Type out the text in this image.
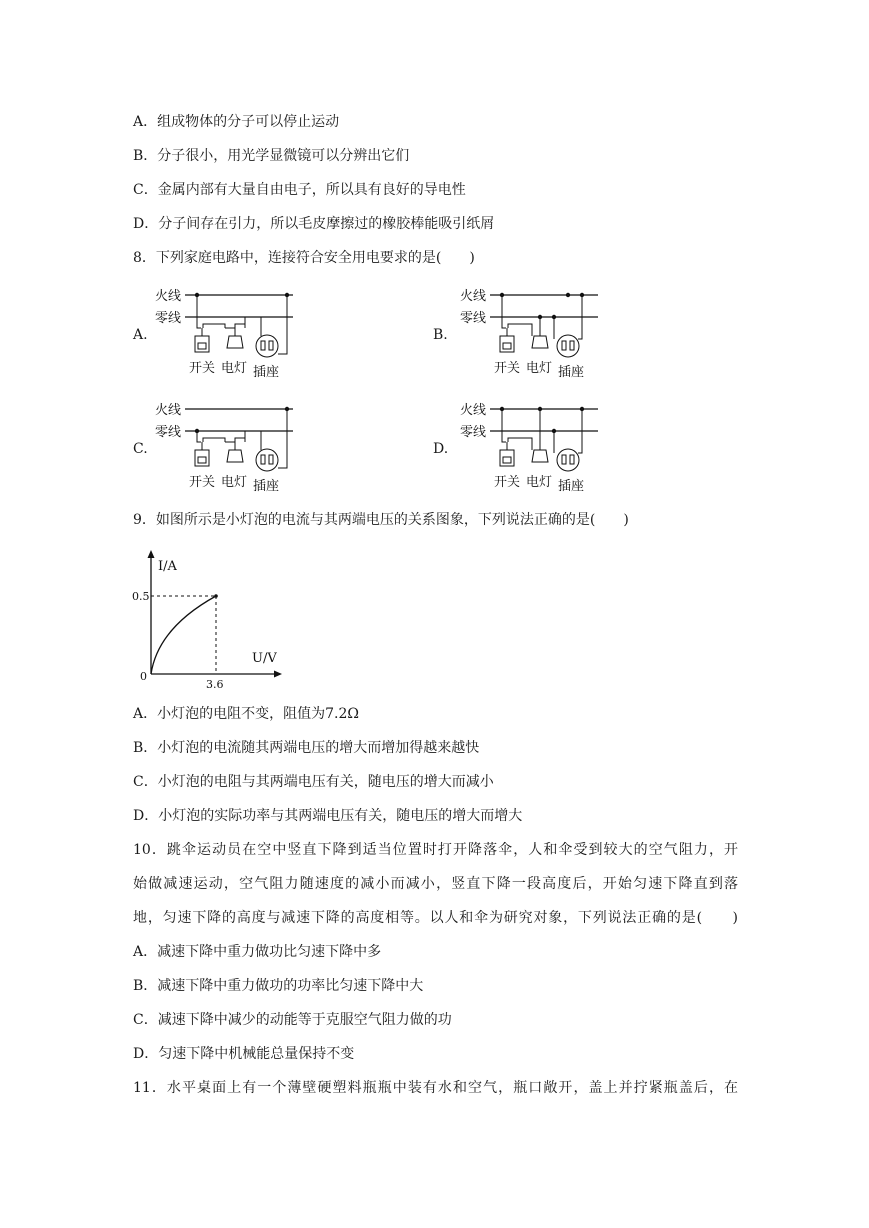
A．组成物体的分子可以停止运动
B．分子很小，用光学显微镜可以分辨出它们
C．金属内部有大量自由电子，所以具有良好的导电性
D．分子间存在引力，所以毛皮摩擦过的橡胶棒能吸引纸屑
8．下列家庭电路中，连接符合安全用电要求的是(　　)
A.	B.
C.	D.
火线
零线
开关 电灯 插座
火线
零线
开关 电灯 插座
火线
零线
开关 电灯 插座
火线
零线
开关 电灯 插座
9．如图所示是小灯泡的电流与其两端电压的关系图象，下列说法正确的是(　　)
I/A
U/V
0.5
3.6
0
A．小灯泡的电阻不变，阻值为7.2Ω
B．小灯泡的电流随其两端电压的增大而增加得越来越快
C．小灯泡的电阻与其两端电压有关，随电压的增大而减小
D．小灯泡的实际功率与其两端电压有关，随电压的增大而增大
10．跳伞运动员在空中竖直下降到适当位置时打开降落伞，人和伞受到较大的空气阻力，开
始做减速运动，空气阻力随速度的减小而减小，竖直下降一段高度后，开始匀速下降直到落
地，匀速下降的高度与减速下降的高度相等。以人和伞为研究对象，下列说法正确的是(　　)
A．减速下降中重力做功比匀速下降中多
B．减速下降中重力做功的功率比匀速下降中大
C．减速下降中减少的动能等于克服空气阻力做的功
D．匀速下降中机械能总量保持不变
11．水平桌面上有一个薄壁硬塑料瓶瓶中装有水和空气，瓶口敞开，盖上并拧紧瓶盖后，在
